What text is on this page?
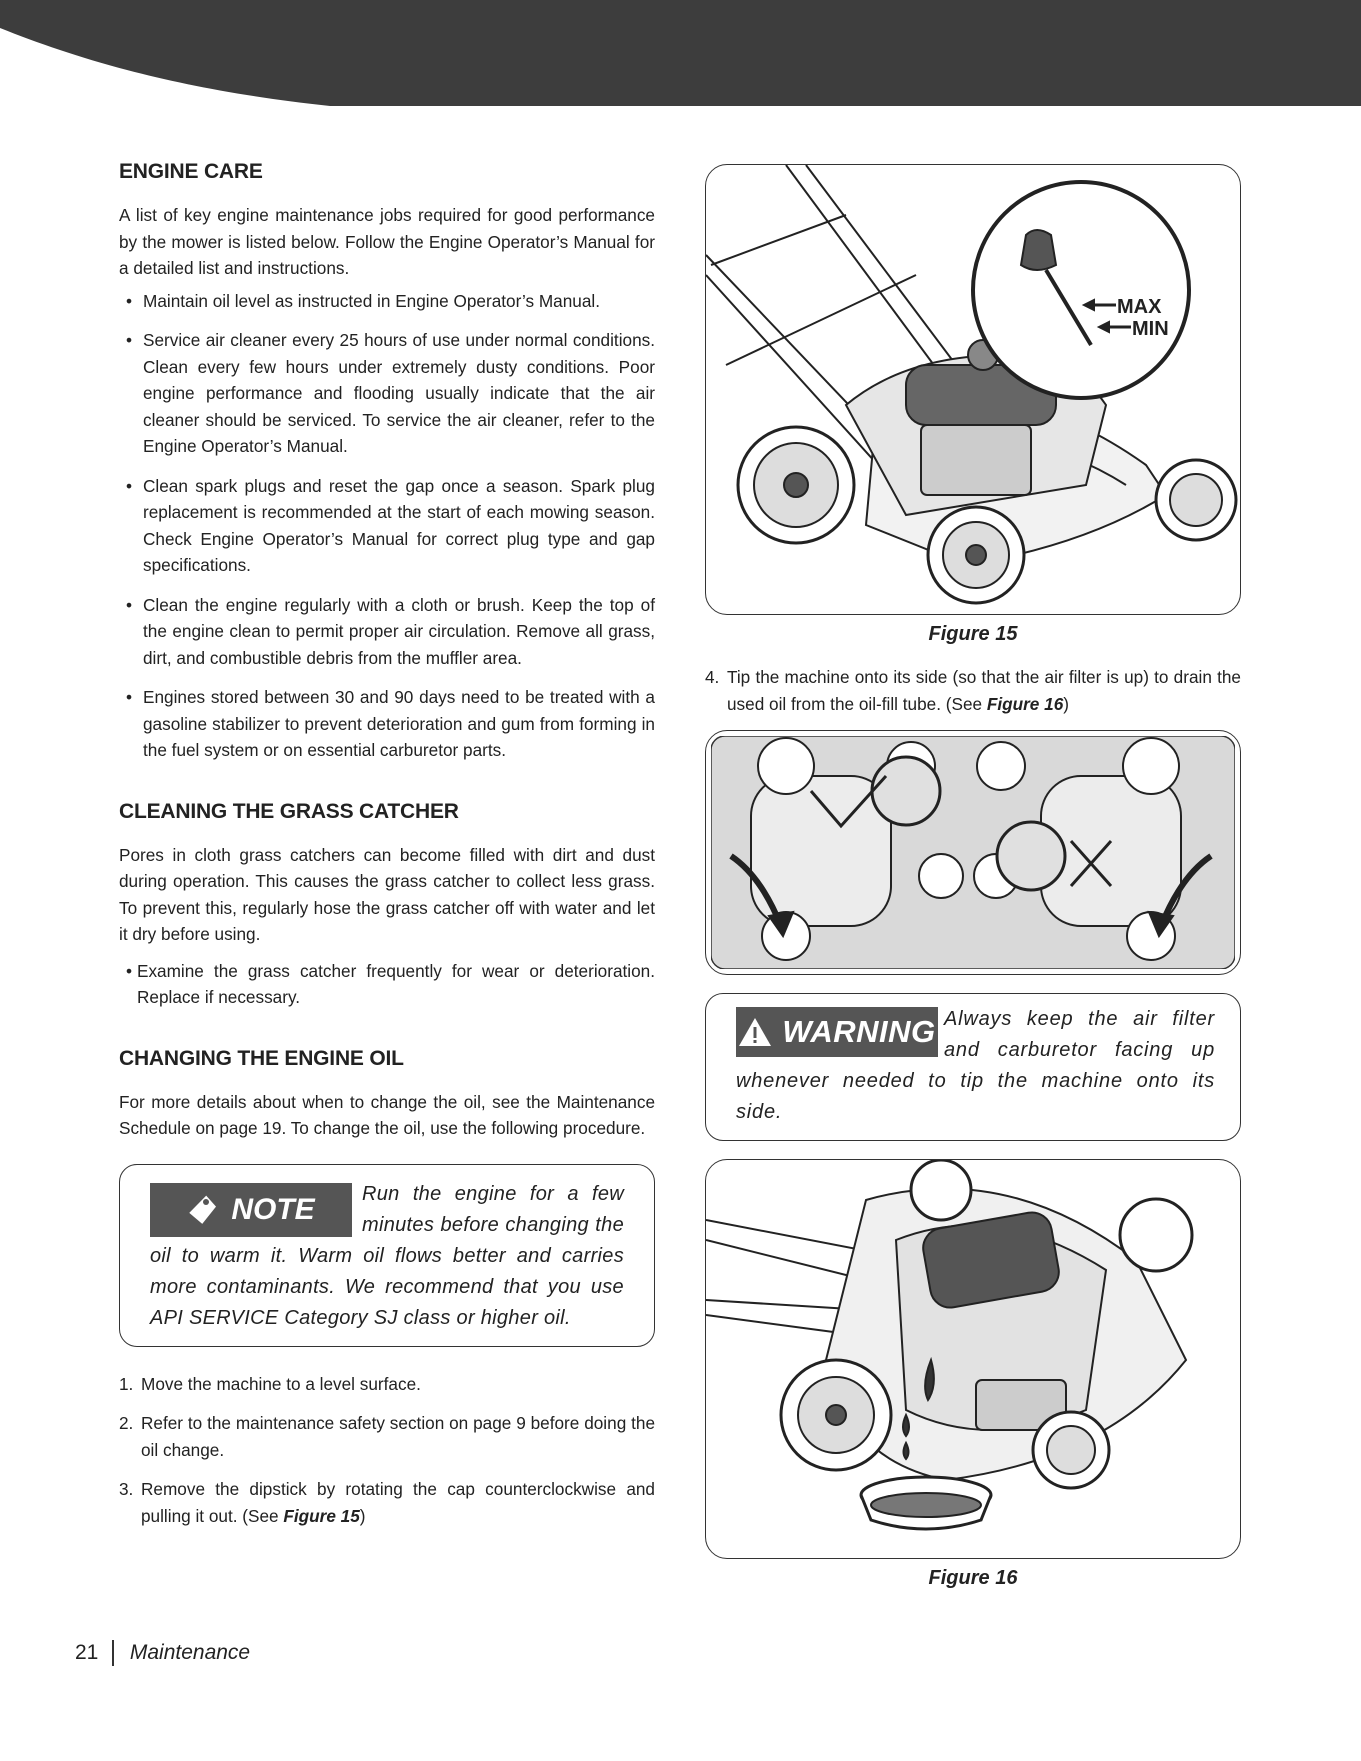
ENGINE CARE

A list of key engine maintenance jobs required for good performance by the mower is listed below. Follow the Engine Operator’s Manual for a detailed list and instructions.

• Maintain oil level as instructed in Engine Operator’s Manual.
• Service air cleaner every 25 hours of use under normal conditions. Clean every few hours under extremely dusty conditions. Poor engine performance and flooding usually indicate that the air cleaner should be serviced. To service the air cleaner, refer to the Engine Operator’s Manual.
• Clean spark plugs and reset the gap once a season. Spark plug replacement is recommended at the start of each mowing season. Check Engine Operator’s Manual for correct plug type and gap specifications.
• Clean the engine regularly with a cloth or brush. Keep the top of the engine clean to permit proper air circulation. Remove all grass, dirt, and combustible debris from the muffler area.
• Engines stored between 30 and 90 days need to be treated with a gasoline stabilizer to prevent deterioration and gum from forming in the fuel system or on essential carburetor parts.
CLEANING THE GRASS CATCHER

Pores in cloth grass catchers can become filled with dirt and dust during operation. This causes the grass catcher to collect less grass. To prevent this, regularly hose the grass catcher off with water and let it dry before using.

• Examine the grass catcher frequently for wear or deterioration. Replace if necessary.
CHANGING THE ENGINE OIL

For more details about when to change the oil, see the Maintenance Schedule on page 19. To change the oil, use the following procedure.

NOTE	Run the engine for a few minutes before changing the oil to warm it. Warm oil flows better and carries more contaminants. We recommend that you use API SERVICE Category SJ class or higher oil.
1. Move the machine to a level surface.
2. Refer to the maintenance safety section on page 9 before doing the oil change.
3. Remove the dipstick by rotating the cap counterclockwise and pulling it out. (See Figure 15)
MAX
MIN
Figure 15
4. Tip the machine onto its side (so that the air filter is up) to drain the used oil from the oil-fill tube. (See Figure 16)
WARNING Always keep the air filter and carburetor facing up whenever needed to tip the machine onto its side.
Figure 16
21 Maintenance
